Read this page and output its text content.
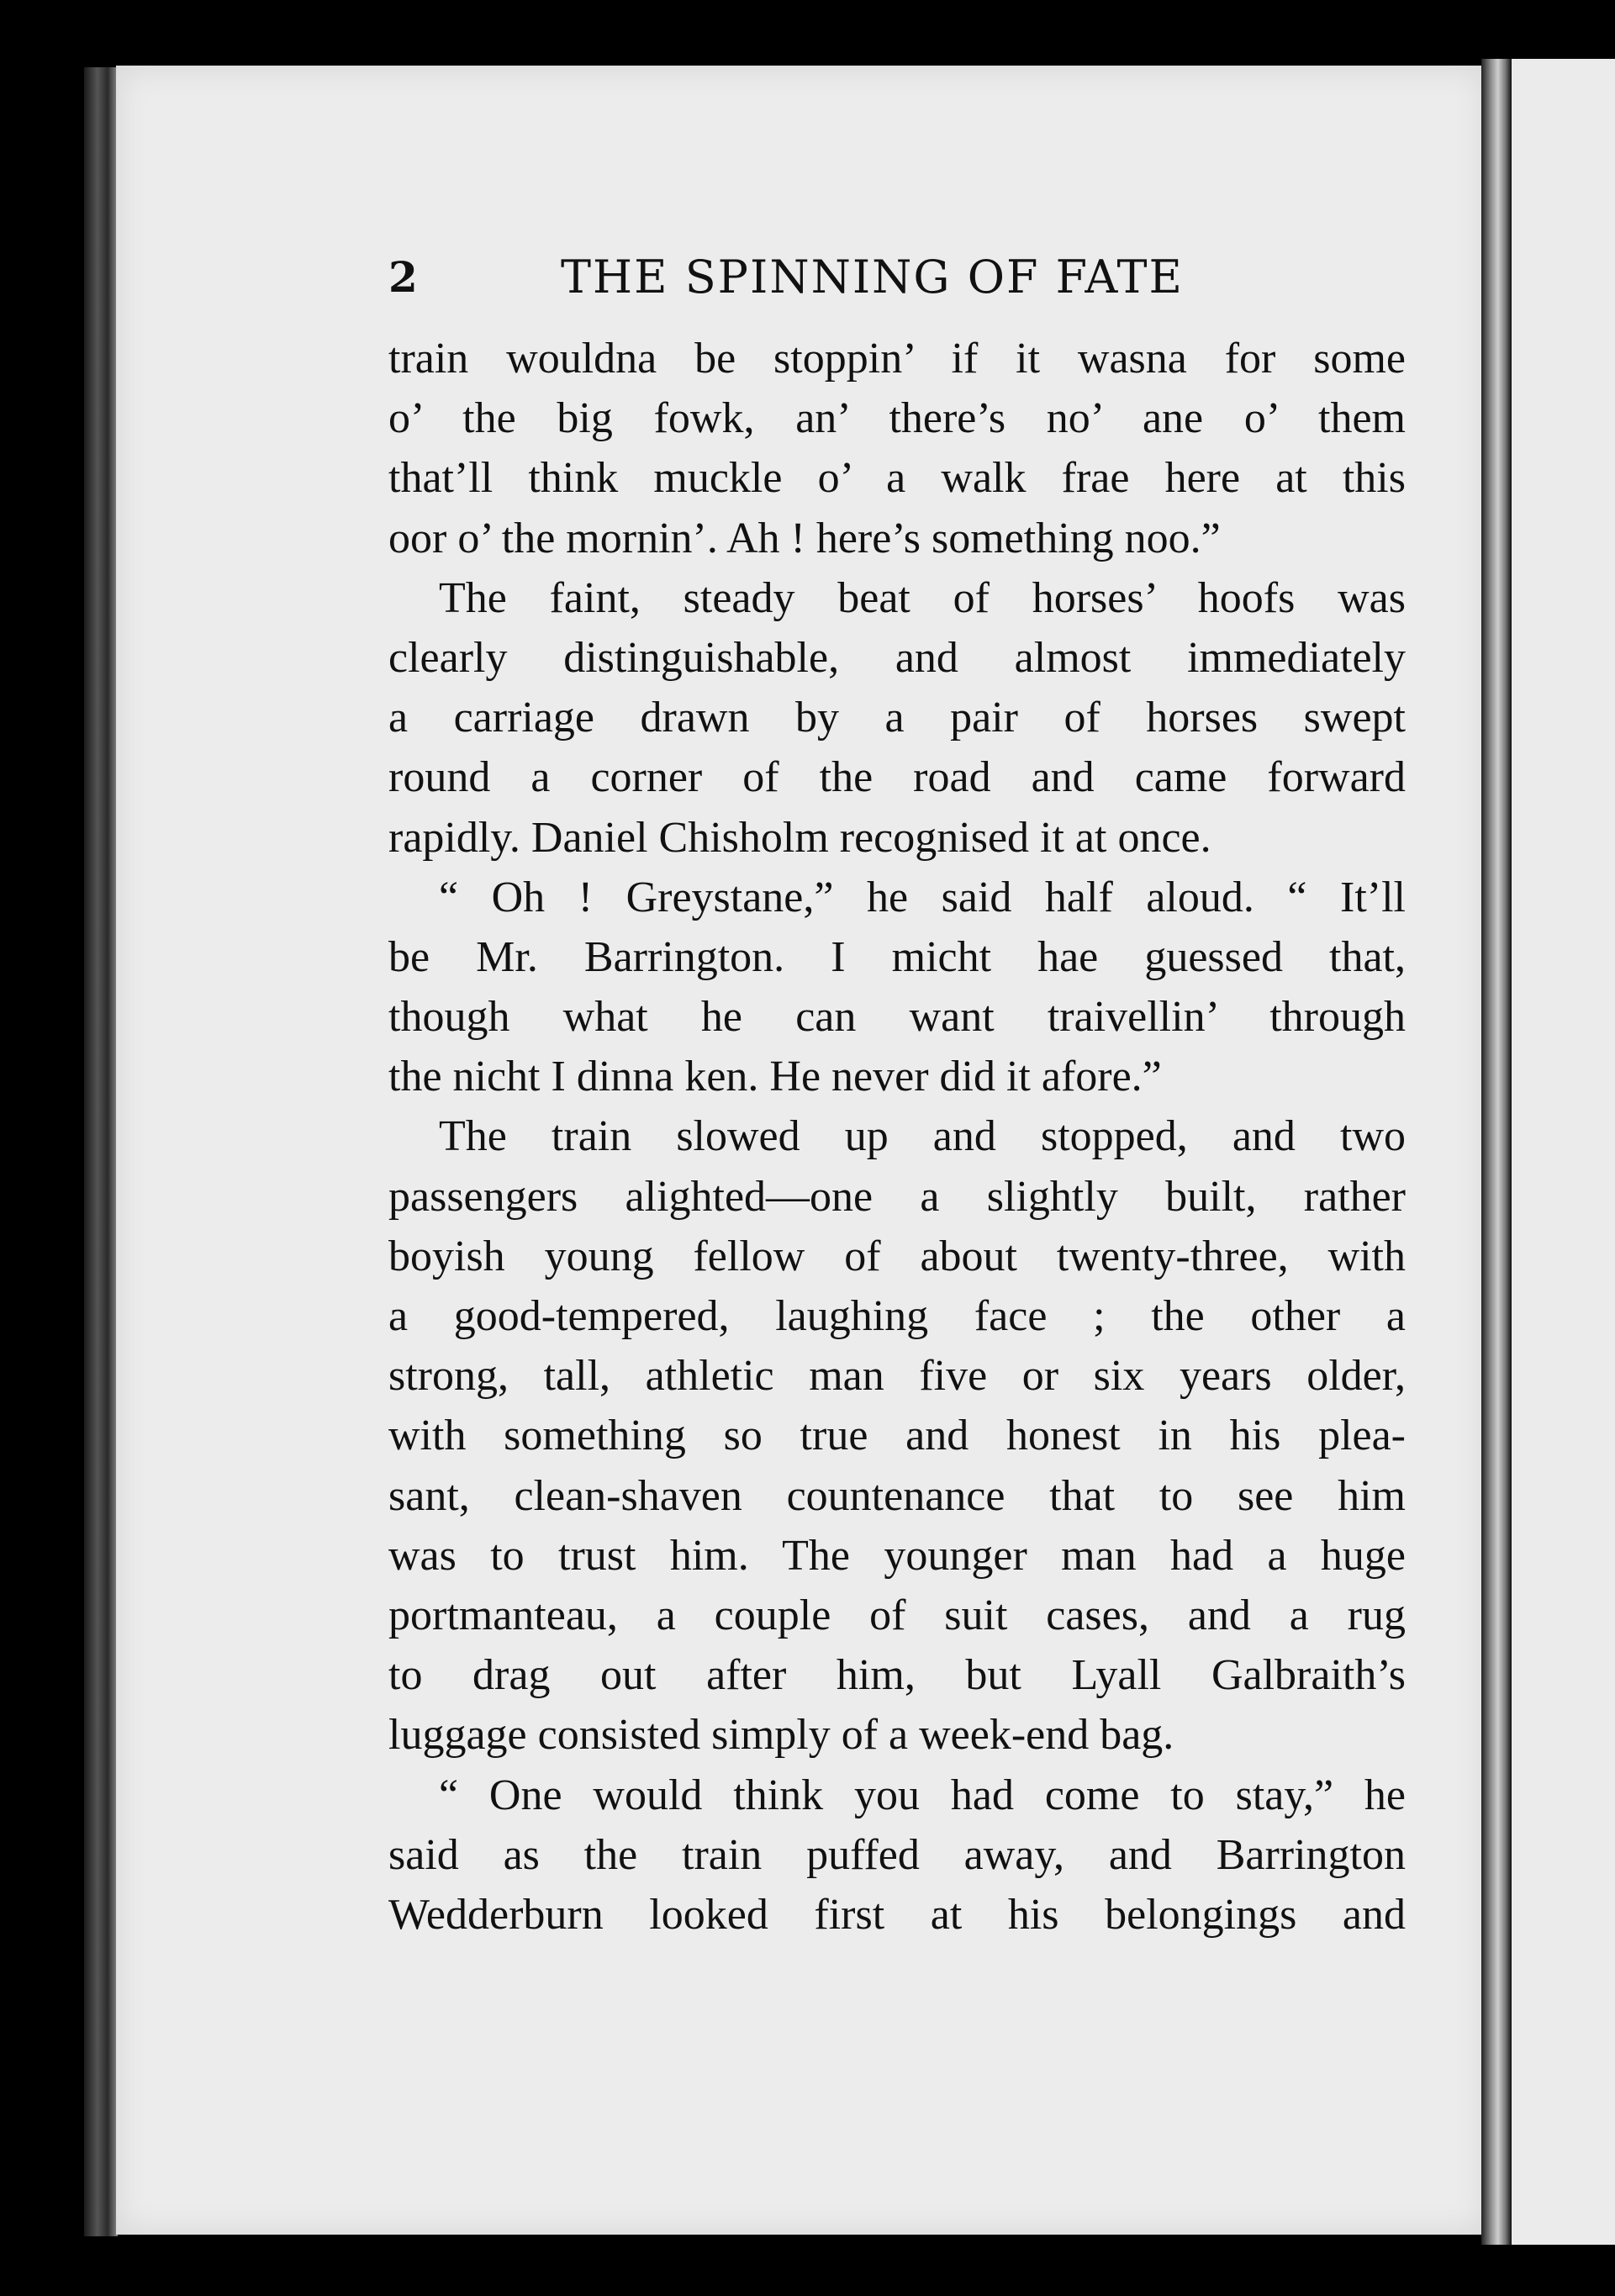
2	THE SPINNING OF FATE
train wouldna be stoppin’ if it wasna for some
o’ the big fowk, an’ there’s no’ ane o’ them
that’ll think muckle o’ a walk frae here at this
oor o’ the mornin’. Ah ! here’s something noo.”
The faint, steady beat of horses’ hoofs was
clearly distinguishable, and almost immediately
a carriage drawn by a pair of horses swept
round a corner of the road and came forward
rapidly. Daniel Chisholm recognised it at once.
“ Oh ! Greystane,” he said half aloud. “ It’ll
be Mr. Barrington. I micht hae guessed that,
though what he can want traivellin’ through
the nicht I dinna ken. He never did it afore.”
The train slowed up and stopped, and two
passengers alighted—one a slightly built, rather
boyish young fellow of about twenty-three, with
a good-tempered, laughing face ; the other a
strong, tall, athletic man five or six years older,
with something so true and honest in his plea-
sant, clean-shaven countenance that to see him
was to trust him. The younger man had a huge
portmanteau, a couple of suit cases, and a rug
to drag out after him, but Lyall Galbraith’s
luggage consisted simply of a week-end bag.
“ One would think you had come to stay,” he
said as the train puffed away, and Barrington
Wedderburn looked first at his belongings and
